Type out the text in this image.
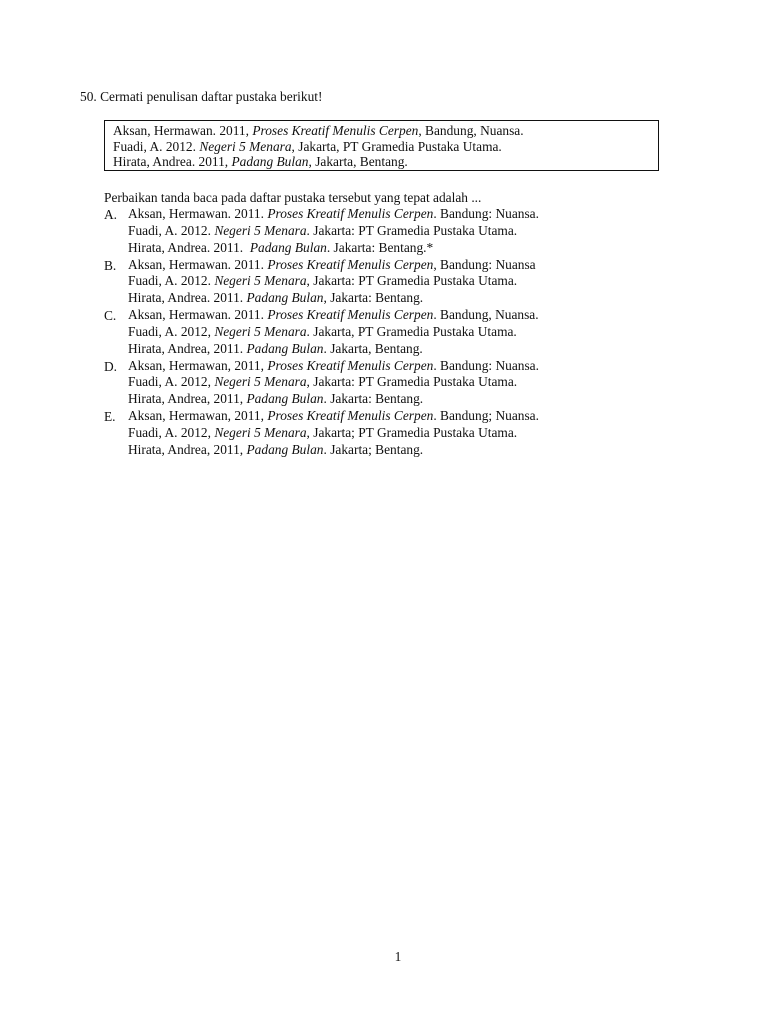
50. Cermati penulisan daftar pustaka berikut!
Aksan, Hermawan. 2011, Proses Kreatif Menulis Cerpen, Bandung, Nuansa.
Fuadi, A. 2012. Negeri 5 Menara, Jakarta, PT Gramedia Pustaka Utama.
Hirata, Andrea. 2011, Padang Bulan, Jakarta, Bentang.
Perbaikan tanda baca pada daftar pustaka tersebut yang tepat adalah ...
A. Aksan, Hermawan. 2011. Proses Kreatif Menulis Cerpen. Bandung: Nuansa.
Fuadi, A. 2012. Negeri 5 Menara. Jakarta: PT Gramedia Pustaka Utama.
Hirata, Andrea. 2011.  Padang Bulan. Jakarta: Bentang.*
B. Aksan, Hermawan. 2011. Proses Kreatif Menulis Cerpen, Bandung: Nuansa
Fuadi, A. 2012. Negeri 5 Menara, Jakarta: PT Gramedia Pustaka Utama.
Hirata, Andrea. 2011. Padang Bulan, Jakarta: Bentang.
C. Aksan, Hermawan. 2011. Proses Kreatif Menulis Cerpen. Bandung, Nuansa.
Fuadi, A. 2012, Negeri 5 Menara. Jakarta, PT Gramedia Pustaka Utama.
Hirata, Andrea, 2011. Padang Bulan. Jakarta, Bentang.
D. Aksan, Hermawan, 2011, Proses Kreatif Menulis Cerpen. Bandung: Nuansa.
Fuadi, A. 2012, Negeri 5 Menara, Jakarta: PT Gramedia Pustaka Utama.
Hirata, Andrea, 2011, Padang Bulan. Jakarta: Bentang.
E. Aksan, Hermawan, 2011, Proses Kreatif Menulis Cerpen. Bandung; Nuansa.
Fuadi, A. 2012, Negeri 5 Menara, Jakarta; PT Gramedia Pustaka Utama.
Hirata, Andrea, 2011, Padang Bulan. Jakarta; Bentang.
1
